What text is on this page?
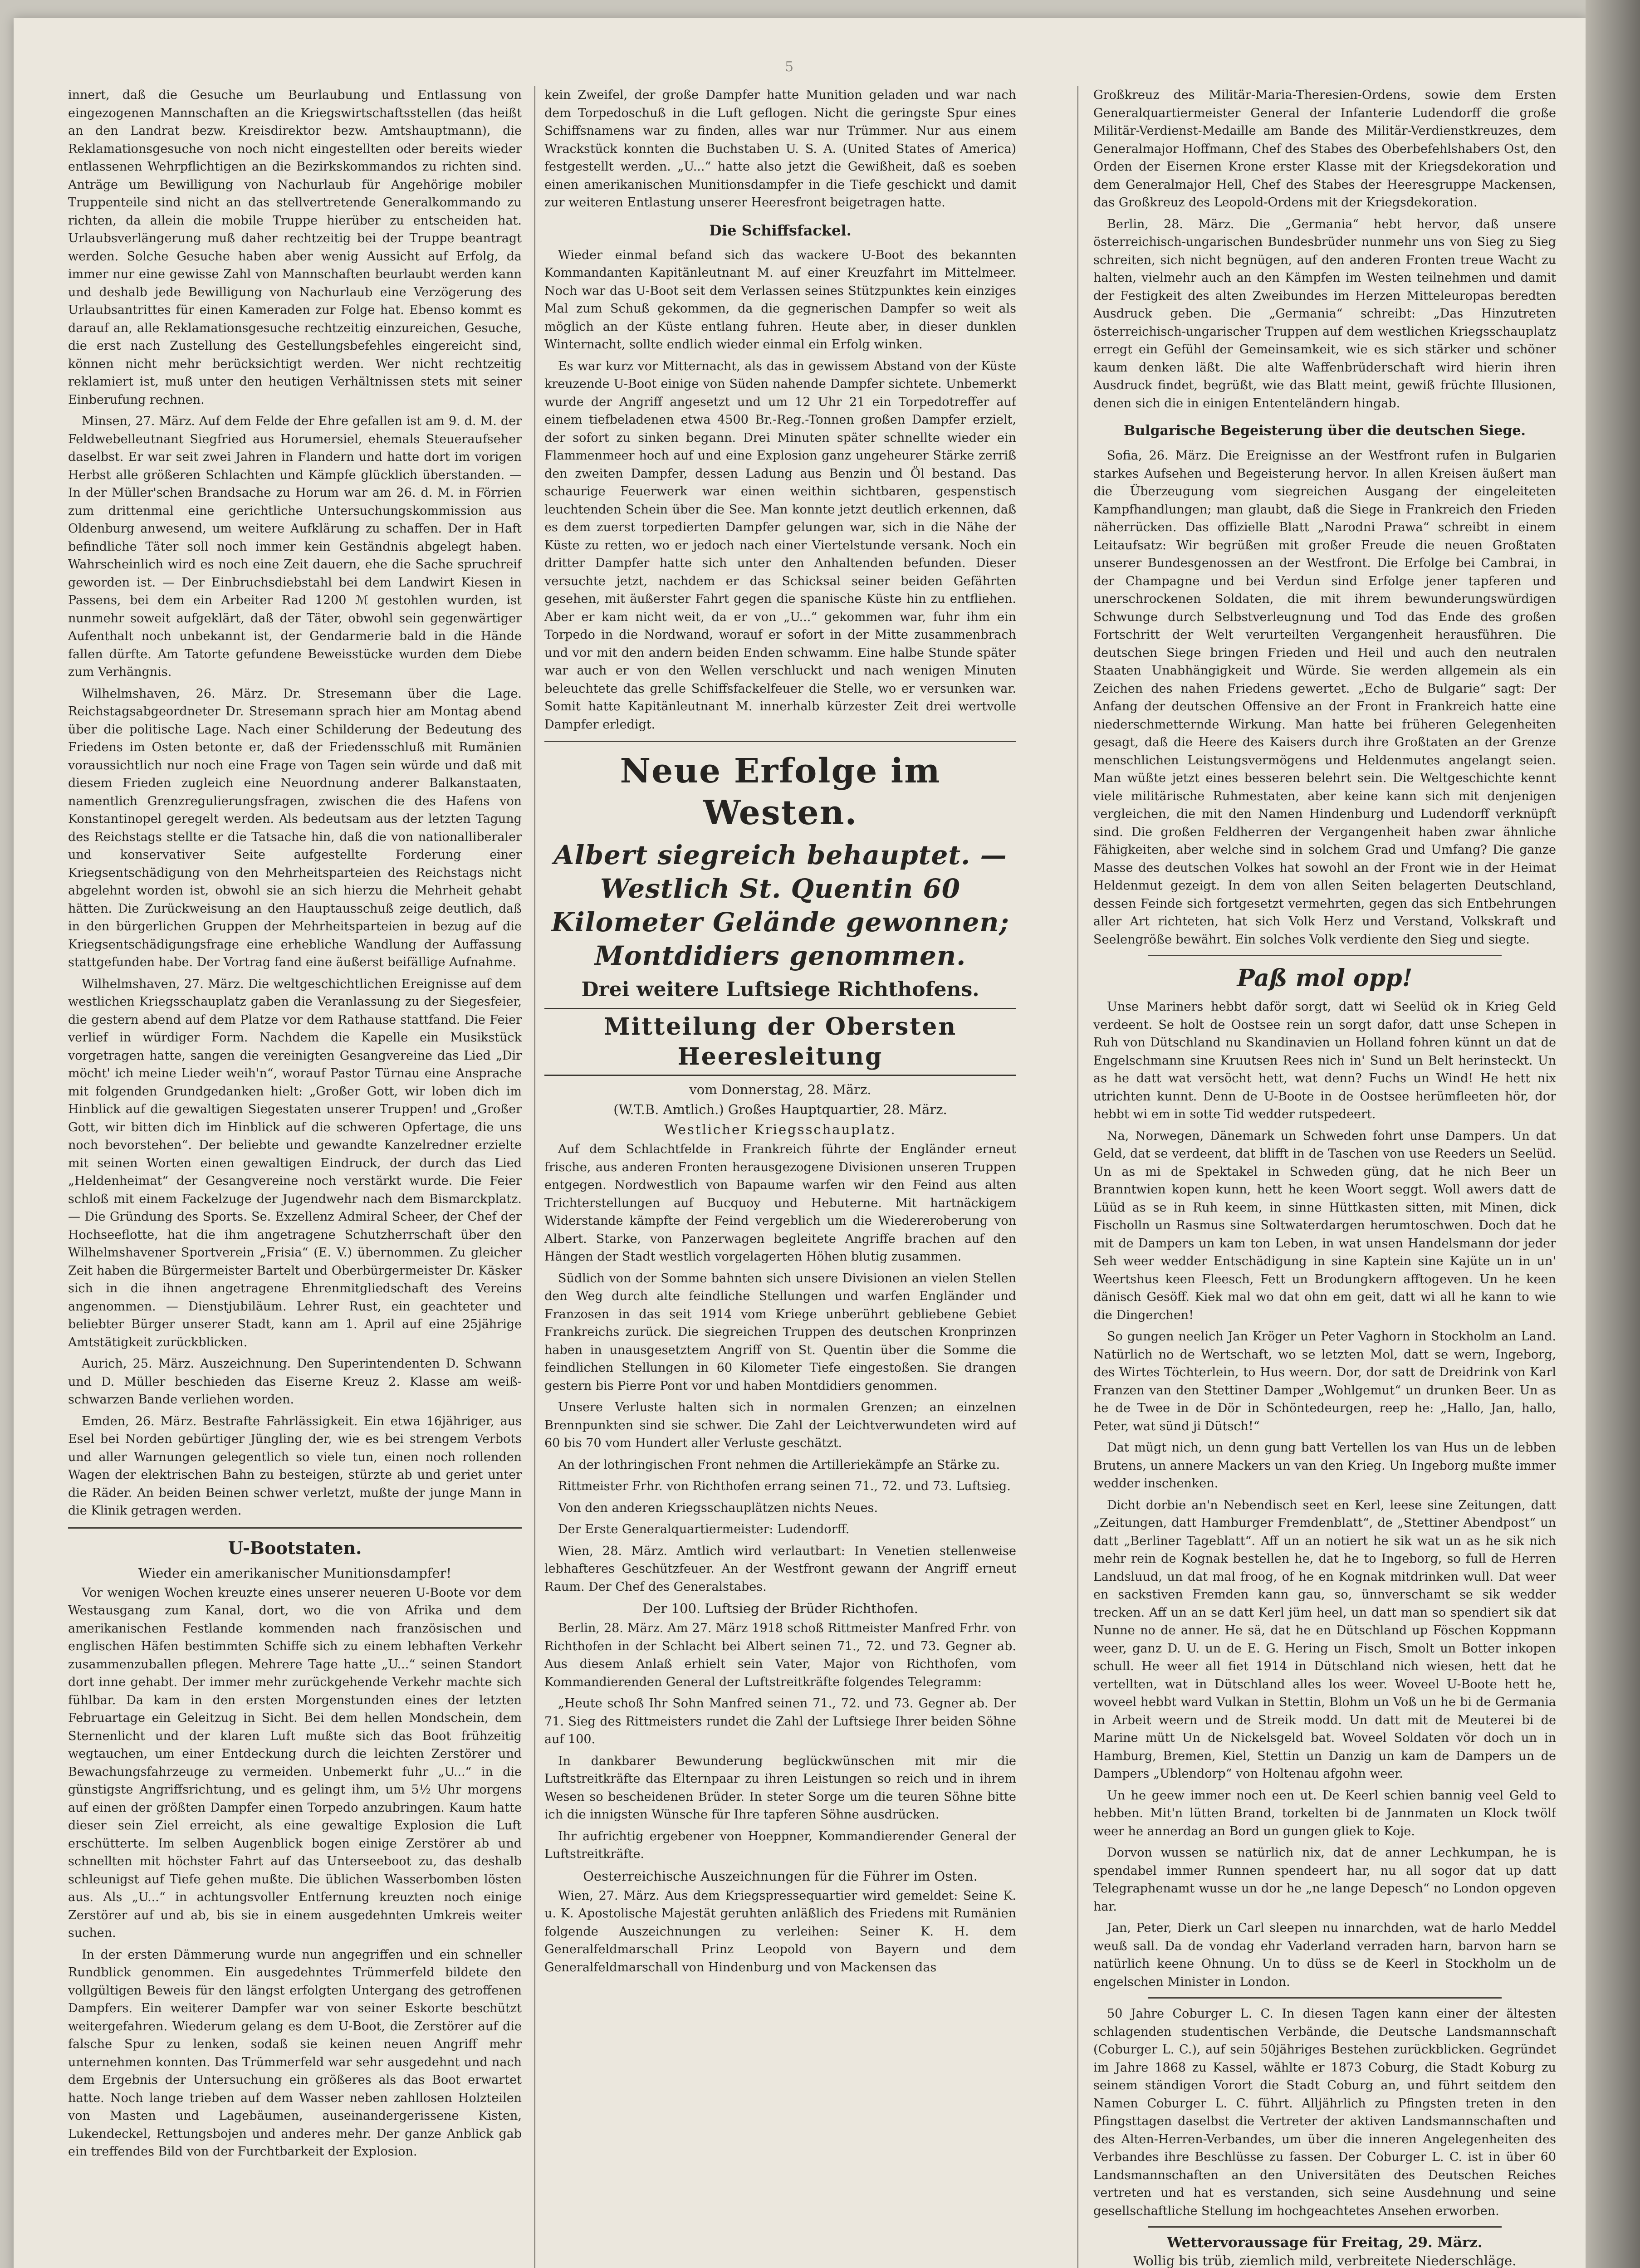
5

innert, daß die Gesuche um Beurlaubung und Entlassung von eingezogenen Mannschaften an die Kriegswirtschaftsstellen (das heißt an den Landrat bezw. Kreisdirektor bezw. Amtshauptmann), die Reklamationsgesuche von noch nicht eingestellten oder bereits wieder entlassenen Wehrpflichtigen an die Bezirkskommandos zu richten sind. Anträge um Bewilligung von Nachurlaub für Angehörige mobiler Truppenteile sind nicht an das stellvertretende Generalkommando zu richten, da allein die mobile Truppe hierüber zu entscheiden hat. Urlaubsverlängerung muß daher rechtzeitig bei der Truppe beantragt werden. Solche Gesuche haben aber wenig Aussicht auf Erfolg, da immer nur eine gewisse Zahl von Mannschaften beurlaubt werden kann und deshalb jede Bewilligung von Nachurlaub eine Verzögerung des Urlaubsantrittes für einen Kameraden zur Folge hat. Ebenso kommt es darauf an, alle Reklamationsgesuche rechtzeitig einzureichen, Gesuche, die erst nach Zustellung des Gestellungsbefehles eingereicht sind, können nicht mehr berücksichtigt werden. Wer nicht rechtzeitig reklamiert ist, muß unter den heutigen Verhältnissen stets mit seiner Einberufung rechnen.

Minsen, 27. März. Auf dem Felde der Ehre gefallen ist am 9. d. M. der Feldwebelleutnant Siegfried aus Horumersiel, ehemals Steueraufseher daselbst. Er war seit zwei Jahren in Flandern und hatte dort im vorigen Herbst alle größeren Schlachten und Kämpfe glücklich überstanden. — In der Müller'schen Brandsache zu Horum war am 26. d. M. in Förrien zum drittenmal eine gerichtliche Untersuchungskommission aus Oldenburg anwesend, um weitere Aufklärung zu schaffen. Der in Haft befindliche Täter soll noch immer kein Geständnis abgelegt haben. Wahrscheinlich wird es noch eine Zeit dauern, ehe die Sache spruchreif geworden ist. — Der Einbruchsdiebstahl bei dem Landwirt Kiesen in Passens, bei dem ein Arbeiter Rad 1200 ℳ gestohlen wurden, ist nunmehr soweit aufgeklärt, daß der Täter, obwohl sein gegenwärtiger Aufenthalt noch unbekannt ist, der Gendarmerie bald in die Hände fallen dürfte. Am Tatorte gefundene Beweisstücke wurden dem Diebe zum Verhängnis.

Wilhelmshaven, 26. März. Dr. Stresemann über die Lage. Reichstagsabgeordneter Dr. Stresemann sprach hier am Montag abend über die politische Lage. Nach einer Schilderung der Bedeutung des Friedens im Osten betonte er, daß der Friedensschluß mit Rumänien voraussichtlich nur noch eine Frage von Tagen sein würde und daß mit diesem Frieden zugleich eine Neuordnung anderer Balkanstaaten, namentlich Grenzregulierungsfragen, zwischen die des Hafens von Konstantinopel geregelt werden. Als bedeutsam aus der letzten Tagung des Reichstags stellte er die Tatsache hin, daß die von nationalliberaler und konservativer Seite aufgestellte Forderung einer Kriegsentschädigung von den Mehrheitsparteien des Reichstags nicht abgelehnt worden ist, obwohl sie an sich hierzu die Mehrheit gehabt hätten. Die Zurückweisung an den Hauptausschuß zeige deutlich, daß in den bürgerlichen Gruppen der Mehrheitsparteien in bezug auf die Kriegsentschädigungsfrage eine erhebliche Wandlung der Auffassung stattgefunden habe. Der Vortrag fand eine äußerst beifällige Aufnahme.

Wilhelmshaven, 27. März. Die weltgeschichtlichen Ereignisse auf dem westlichen Kriegsschauplatz gaben die Veranlassung zu der Siegesfeier, die gestern abend auf dem Platze vor dem Rathause stattfand. Die Feier verlief in würdiger Form. Nachdem die Kapelle ein Musikstück vorgetragen hatte, sangen die vereinigten Gesangvereine das Lied „Dir möcht' ich meine Lieder weih'n“, worauf Pastor Türnau eine Ansprache mit folgenden Grundgedanken hielt: „Großer Gott, wir loben dich im Hinblick auf die gewaltigen Siegestaten unserer Truppen! und „Großer Gott, wir bitten dich im Hinblick auf die schweren Opfertage, die uns noch bevorstehen“. Der beliebte und gewandte Kanzelredner erzielte mit seinen Worten einen gewaltigen Eindruck, der durch das Lied „Heldenheimat“ der Gesangvereine noch verstärkt wurde. Die Feier schloß mit einem Fackelzuge der Jugendwehr nach dem Bismarckplatz. — Die Gründung des Sports. Se. Exzellenz Admiral Scheer, der Chef der Hochseeflotte, hat die ihm angetragene Schutzherrschaft über den Wilhelmshavener Sportverein „Frisia“ (E. V.) übernommen. Zu gleicher Zeit haben die Bürgermeister Bartelt und Oberbürgermeister Dr. Käsker sich in die ihnen angetragene Ehrenmitgliedschaft des Vereins angenommen. — Dienstjubiläum. Lehrer Rust, ein geachteter und beliebter Bürger unserer Stadt, kann am 1. April auf eine 25jährige Amtstätigkeit zurückblicken.

Aurich, 25. März. Auszeichnung. Den Superintendenten D. Schwann und D. Müller beschieden das Eiserne Kreuz 2. Klasse am weiß-schwarzen Bande verliehen worden.

Emden, 26. März. Bestrafte Fahrlässigkeit. Ein etwa 16jähriger, aus Esel bei Norden gebürtiger Jüngling der, wie es bei strengem Verbots und aller Warnungen gelegentlich so viele tun, einen noch rollenden Wagen der elektrischen Bahn zu besteigen, stürzte ab und geriet unter die Räder. An beiden Beinen schwer verletzt, mußte der junge Mann in die Klinik getragen werden.

U-Bootstaten.
Wieder ein amerikanischer Munitionsdampfer!

Vor wenigen Wochen kreuzte eines unserer neueren U-Boote vor dem Westausgang zum Kanal, dort, wo die von Afrika und dem amerikanischen Festlande kommenden nach französischen und englischen Häfen bestimmten Schiffe sich zu einem lebhaften Verkehr zusammenzuballen pflegen. Mehrere Tage hatte „U...“ seinen Standort dort inne gehabt. Der immer mehr zurückgehende Verkehr machte sich fühlbar. Da kam in den ersten Morgenstunden eines der letzten Februartage ein Geleitzug in Sicht. Bei dem hellen Mondschein, dem Sternenlicht und der klaren Luft mußte sich das Boot frühzeitig wegtauchen, um einer Entdeckung durch die leichten Zerstörer und Bewachungsfahrzeuge zu vermeiden. Unbemerkt fuhr „U...“ in die günstigste Angriffsrichtung, und es gelingt ihm, um 5½ Uhr morgens auf einen der größten Dampfer einen Torpedo anzubringen. Kaum hatte dieser sein Ziel erreicht, als eine gewaltige Explosion die Luft erschütterte. Im selben Augenblick bogen einige Zerstörer ab und schnellten mit höchster Fahrt auf das Unterseeboot zu, das deshalb schleunigst auf Tiefe gehen mußte. Die üblichen Wasserbomben lösten aus. Als „U...“ in achtungsvoller Entfernung kreuzten noch einige Zerstörer auf und ab, bis sie in einem ausgedehnten Umkreis weiter suchen.

In der ersten Dämmerung wurde nun angegriffen und ein schneller Rundblick genommen. Ein ausgedehntes Trümmerfeld bildete den vollgültigen Beweis für den längst erfolgten Untergang des getroffenen Dampfers. Ein weiterer Dampfer war von seiner Eskorte beschützt weitergefahren. Wiederum gelang es dem U-Boot, die Zerstörer auf die falsche Spur zu lenken, sodaß sie keinen neuen Angriff mehr unternehmen konnten. Das Trümmerfeld war sehr ausgedehnt und nach dem Ergebnis der Untersuchung ein größeres als das Boot erwartet hatte. Noch lange trieben auf dem Wasser neben zahllosen Holzteilen von Masten und Lagebäumen, auseinandergerissene Kisten, Lukendeckel, Rettungsbojen und anderes mehr. Der ganze Anblick gab ein treffendes Bild von der Furchtbarkeit der Explosion.

kein Zweifel, der große Dampfer hatte Munition geladen und war nach dem Torpedoschuß in die Luft geflogen. Nicht die geringste Spur eines Schiffsnamens war zu finden, alles war nur Trümmer. Nur aus einem Wrackstück konnten die Buchstaben U. S. A. (United States of America) festgestellt werden. „U...“ hatte also jetzt die Gewißheit, daß es soeben einen amerikanischen Munitionsdampfer in die Tiefe geschickt und damit zur weiteren Entlastung unserer Heeresfront beigetragen hatte.

Die Schiffsfackel.

Wieder einmal befand sich das wackere U-Boot des bekannten Kommandanten Kapitänleutnant M. auf einer Kreuzfahrt im Mittelmeer. Noch war das U-Boot seit dem Verlassen seines Stützpunktes kein einziges Mal zum Schuß gekommen, da die gegnerischen Dampfer so weit als möglich an der Küste entlang fuhren. Heute aber, in dieser dunklen Winternacht, sollte endlich wieder einmal ein Erfolg winken.

Es war kurz vor Mitternacht, als das in gewissem Abstand von der Küste kreuzende U-Boot einige von Süden nahende Dampfer sichtete. Unbemerkt wurde der Angriff angesetzt und um 12 Uhr 21 ein Torpedotreffer auf einem tiefbeladenen etwa 4500 Br.-Reg.-Tonnen großen Dampfer erzielt, der sofort zu sinken begann. Drei Minuten später schnellte wieder ein Flammenmeer hoch auf und eine Explosion ganz ungeheurer Stärke zerriß den zweiten Dampfer, dessen Ladung aus Benzin und Öl bestand. Das schaurige Feuerwerk war einen weithin sichtbaren, gespenstisch leuchtenden Schein über die See. Man konnte jetzt deutlich erkennen, daß es dem zuerst torpedierten Dampfer gelungen war, sich in die Nähe der Küste zu retten, wo er jedoch nach einer Viertelstunde versank. Noch ein dritter Dampfer hatte sich unter den Anhaltenden befunden. Dieser versuchte jetzt, nachdem er das Schicksal seiner beiden Gefährten gesehen, mit äußerster Fahrt gegen die spanische Küste hin zu entfliehen. Aber er kam nicht weit, da er von „U...“ gekommen war, fuhr ihm ein Torpedo in die Nordwand, worauf er sofort in der Mitte zusammenbrach und vor mit den andern beiden Enden schwamm. Eine halbe Stunde später war auch er von den Wellen verschluckt und nach wenigen Minuten beleuchtete das grelle Schiffsfackelfeuer die Stelle, wo er versunken war. Somit hatte Kapitänleutnant M. innerhalb kürzester Zeit drei wertvolle Dampfer erledigt.

Neue Erfolge im Westen.
Albert siegreich behauptet. — Westlich St. Quentin 60 Kilometer Gelände gewonnen; Montdidiers genommen.
Drei weitere Luftsiege Richthofens.
Mitteilung der Obersten Heeresleitung
vom Donnerstag, 28. März.
(W.T.B. Amtlich.) Großes Hauptquartier, 28. März.
Westlicher Kriegsschauplatz.

Auf dem Schlachtfelde in Frankreich führte der Engländer erneut frische, aus anderen Fronten herausgezogene Divisionen unseren Truppen entgegen. Nordwestlich von Bapaume warfen wir den Feind aus alten Trichterstellungen auf Bucquoy und Hebuterne. Mit hartnäckigem Widerstande kämpfte der Feind vergeblich um die Wiedereroberung von Albert. Starke, von Panzerwagen begleitete Angriffe brachen auf den Hängen der Stadt westlich vorgelagerten Höhen blutig zusammen.

Südlich von der Somme bahnten sich unsere Divisionen an vielen Stellen den Weg durch alte feindliche Stellungen und warfen Engländer und Franzosen in das seit 1914 vom Kriege unberührt gebliebene Gebiet Frankreichs zurück. Die siegreichen Truppen des deutschen Kronprinzen haben in unausgesetztem Angriff von St. Quentin über die Somme die feindlichen Stellungen in 60 Kilometer Tiefe eingestoßen. Sie drangen gestern bis Pierre Pont vor und haben Montdidiers genommen.

Unsere Verluste halten sich in normalen Grenzen; an einzelnen Brennpunkten sind sie schwer. Die Zahl der Leichtverwundeten wird auf 60 bis 70 vom Hundert aller Verluste geschätzt.

An der lothringischen Front nehmen die Artilleriekämpfe an Stärke zu.

Rittmeister Frhr. von Richthofen errang seinen 71., 72. und 73. Luftsieg.

Von den anderen Kriegsschauplätzen nichts Neues.

Der Erste Generalquartiermeister: Ludendorff.

Wien, 28. März. Amtlich wird verlautbart: In Venetien stellenweise lebhafteres Geschützfeuer. An der Westfront gewann der Angriff erneut Raum. Der Chef des Generalstabes.

Der 100. Luftsieg der Brüder Richthofen.

Berlin, 28. März. Am 27. März 1918 schoß Rittmeister Manfred Frhr. von Richthofen in der Schlacht bei Albert seinen 71., 72. und 73. Gegner ab. Aus diesem Anlaß erhielt sein Vater, Major von Richthofen, vom Kommandierenden General der Luftstreitkräfte folgendes Telegramm:

„Heute schoß Ihr Sohn Manfred seinen 71., 72. und 73. Gegner ab. Der 71. Sieg des Rittmeisters rundet die Zahl der Luftsiege Ihrer beiden Söhne auf 100.

In dankbarer Bewunderung beglückwünschen mit mir die Luftstreitkräfte das Elternpaar zu ihren Leistungen so reich und in ihrem Wesen so bescheidenen Brüder. In steter Sorge um die teuren Söhne bitte ich die innigsten Wünsche für Ihre tapferen Söhne ausdrücken.

Ihr aufrichtig ergebener von Hoeppner, Kommandierender General der Luftstreitkräfte.

Oesterreichische Auszeichnungen für die Führer im Osten.

Wien, 27. März. Aus dem Kriegspressequartier wird gemeldet: Seine K. u. K. Apostolische Majestät geruhten anläßlich des Friedens mit Rumänien folgende Auszeichnungen zu verleihen: Seiner K. H. dem Generalfeldmarschall Prinz Leopold von Bayern und dem Generalfeldmarschall von Hindenburg und von Mackensen das

Großkreuz des Militär-Maria-Theresien-Ordens, sowie dem Ersten Generalquartiermeister General der Infanterie Ludendorff die große Militär-Verdienst-Medaille am Bande des Militär-Verdienstkreuzes, dem Generalmajor Hoffmann, Chef des Stabes des Oberbefehlshabers Ost, den Orden der Eisernen Krone erster Klasse mit der Kriegsdekoration und dem Generalmajor Hell, Chef des Stabes der Heeresgruppe Mackensen, das Großkreuz des Leopold-Ordens mit der Kriegsdekoration.

Berlin, 28. März. Die „Germania“ hebt hervor, daß unsere österreichisch-ungarischen Bundesbrüder nunmehr uns von Sieg zu Sieg schreiten, sich nicht begnügen, auf den anderen Fronten treue Wacht zu halten, vielmehr auch an den Kämpfen im Westen teilnehmen und damit der Festigkeit des alten Zweibundes im Herzen Mitteleuropas beredten Ausdruck geben. Die „Germania“ schreibt: „Das Hinzutreten österreichisch-ungarischer Truppen auf dem westlichen Kriegsschauplatz erregt ein Gefühl der Gemeinsamkeit, wie es sich stärker und schöner kaum denken läßt. Die alte Waffenbrüderschaft wird hierin ihren Ausdruck findet, begrüßt, wie das Blatt meint, gewiß früchte Illusionen, denen sich die in einigen Ententeländern hingab.

Bulgarische Begeisterung über die deutschen Siege.

Sofia, 26. März. Die Ereignisse an der Westfront rufen in Bulgarien starkes Aufsehen und Begeisterung hervor. In allen Kreisen äußert man die Überzeugung vom siegreichen Ausgang der eingeleiteten Kampfhandlungen; man glaubt, daß die Siege in Frankreich den Frieden näherrücken. Das offizielle Blatt „Narodni Prawa“ schreibt in einem Leitaufsatz: Wir begrüßen mit großer Freude die neuen Großtaten unserer Bundesgenossen an der Westfront. Die Erfolge bei Cambrai, in der Champagne und bei Verdun sind Erfolge jener tapferen und unerschrockenen Soldaten, die mit ihrem bewunderungswürdigen Schwunge durch Selbstverleugnung und Tod das Ende des großen Fortschritt der Welt verurteilten Vergangenheit herausführen. Die deutschen Siege bringen Frieden und Heil und auch den neutralen Staaten Unabhängigkeit und Würde. Sie werden allgemein als ein Zeichen des nahen Friedens gewertet. „Echo de Bulgarie“ sagt: Der Anfang der deutschen Offensive an der Front in Frankreich hatte eine niederschmetternde Wirkung. Man hatte bei früheren Gelegenheiten gesagt, daß die Heere des Kaisers durch ihre Großtaten an der Grenze menschlichen Leistungsvermögens und Heldenmutes angelangt seien. Man wüßte jetzt eines besseren belehrt sein. Die Weltgeschichte kennt viele militärische Ruhmestaten, aber keine kann sich mit denjenigen vergleichen, die mit den Namen Hindenburg und Ludendorff verknüpft sind. Die großen Feldherren der Vergangenheit haben zwar ähnliche Fähigkeiten, aber welche sind in solchem Grad und Umfang? Die ganze Masse des deutschen Volkes hat sowohl an der Front wie in der Heimat Heldenmut gezeigt. In dem von allen Seiten belagerten Deutschland, dessen Feinde sich fortgesetzt vermehrten, gegen das sich Entbehrungen aller Art richteten, hat sich Volk Herz und Verstand, Volkskraft und Seelengröße bewährt. Ein solches Volk verdiente den Sieg und siegte.

Paß mol opp!

Unse Mariners hebbt daför sorgt, datt wi Seelüd ok in Krieg Geld verdeent. Se holt de Oostsee rein un sorgt dafor, datt unse Schepen in Ruh von Dütschland nu Skandinavien un Holland fohren künnt un dat de Engelschmann sine Kruutsen Rees nich in' Sund un Belt herinsteckt. Un as he datt wat versöcht hett, wat denn? Fuchs un Wind! He hett nix utrichten kunnt. Denn de U-Boote in de Oostsee herümfleeten hör, dor hebbt wi em in sotte Tid wedder rutspedeert.

Na, Norwegen, Dänemark un Schweden fohrt unse Dampers. Un dat Geld, dat se verdeent, dat blifft in de Taschen von use Reeders un Seelüd. Un as mi de Spektakel in Schweden güng, dat he nich Beer un Branntwien kopen kunn, hett he keen Woort seggt. Woll awers datt de Lüüd as se in Ruh keem, in sinne Hüttkasten sitten, mit Minen, dick Fischolln un Rasmus sine Soltwaterdargen herumtoschwen. Doch dat he mit de Dampers un kam ton Leben, in wat unsen Handelsmann dor jeder Seh weer wedder Entschädigung in sine Kaptein sine Kajüte un in un' Weertshus keen Fleesch, Fett un Brodungkern afftogeven. Un he keen dänisch Gesöff. Kiek mal wo dat ohn em geit, datt wi all he kann to wie die Dingerchen!

So gungen neelich Jan Kröger un Peter Vaghorn in Stockholm an Land. Natürlich no de Wertschaft, wo se letzten Mol, datt se wern, Ingeborg, des Wirtes Töchterlein, to Hus weern. Dor, dor satt de Dreidrink von Karl Franzen van den Stettiner Damper „Wohlgemut“ un drunken Beer. Un as he de Twee in de Dör in Schöntedeurgen, reep he: „Hallo, Jan, hallo, Peter, wat sünd ji Dütsch!“

Dat mügt nich, un denn gung batt Vertellen los van Hus un de lebben Brutens, un annere Mackers un van den Krieg. Un Ingeborg mußte immer wedder inschenken.

Dicht dorbie an'n Nebendisch seet en Kerl, leese sine Zeitungen, datt „Zeitungen, datt Hamburger Fremdenblatt“, de „Stettiner Abendpost“ un datt „Berliner Tageblatt“. Aff un an notiert he sik wat un as he sik nich mehr rein de Kognak bestellen he, dat he to Ingeborg, so full de Herren Landsluud, un dat mal froog, of he en Kognak mitdrinken wull. Dat weer en sackstiven Fremden kann gau, so, ünnverschamt se sik wedder trecken. Aff un an se datt Kerl jüm heel, un datt man so spendiert sik dat Nunne no de anner. He sä, dat he en Dütschland up Föschen Koppmann weer, ganz D. U. un de E. G. Hering un Fisch, Smolt un Botter inkopen schull. He weer all fiet 1914 in Dütschland nich wiesen, hett dat he vertellten, wat in Dütschland alles los weer. Woveel U-Boote hett he, woveel hebbt ward Vulkan in Stettin, Blohm un Voß un he bi de Germania in Arbeit weern und de Streik modd. Un datt mit de Meuterei bi de Marine mütt Un de Nickelsgeld bat. Woveel Soldaten vör doch un in Hamburg, Bremen, Kiel, Stettin un Danzig un kam de Dampers un de Dampers „Ublendorp“ von Holtenau afgohn weer.

Un he geew immer noch een ut. De Keerl schien bannig veel Geld to hebben. Mit'n lütten Brand, torkelten bi de Jannmaten un Klock twölf weer he annerdag an Bord un gungen gliek to Koje.

Dorvon wussen se natürlich nix, dat de anner Lechkumpan, he is spendabel immer Runnen spendeert har, nu all sogor dat up datt Telegraphenamt wusse un dor he „ne lange Depesch“ no London opgeven har.

Jan, Peter, Dierk un Carl sleepen nu innarchden, wat de harlo Meddel weuß sall. Da de vondag ehr Vaderland verraden harn, barvon harn se natürlich keene Ohnung. Un to düss se de Keerl in Stockholm un de engelschen Minister in London.

50 Jahre Coburger L. C. In diesen Tagen kann einer der ältesten schlagenden studentischen Verbände, die Deutsche Landsmannschaft (Coburger L. C.), auf sein 50jähriges Bestehen zurückblicken. Gegründet im Jahre 1868 zu Kassel, wählte er 1873 Coburg, die Stadt Koburg zu seinem ständigen Vorort die Stadt Coburg an, und führt seitdem den Namen Coburger L. C. führt. Alljährlich zu Pfingsten treten in den Pfingsttagen daselbst die Vertreter der aktiven Landsmannschaften und des Alten-Herren-Verbandes, um über die inneren Angelegenheiten des Verbandes ihre Beschlüsse zu fassen. Der Coburger L. C. ist in über 60 Landsmannschaften an den Universitäten des Deutschen Reiches vertreten und hat es verstanden, sich seine Ausdehnung und seine gesellschaftliche Stellung im hochgeachtetes Ansehen erworben.

Wettervoraussage für Freitag, 29. März.
Wollig bis trüb, ziemlich mild, verbreitete Niederschläge.
